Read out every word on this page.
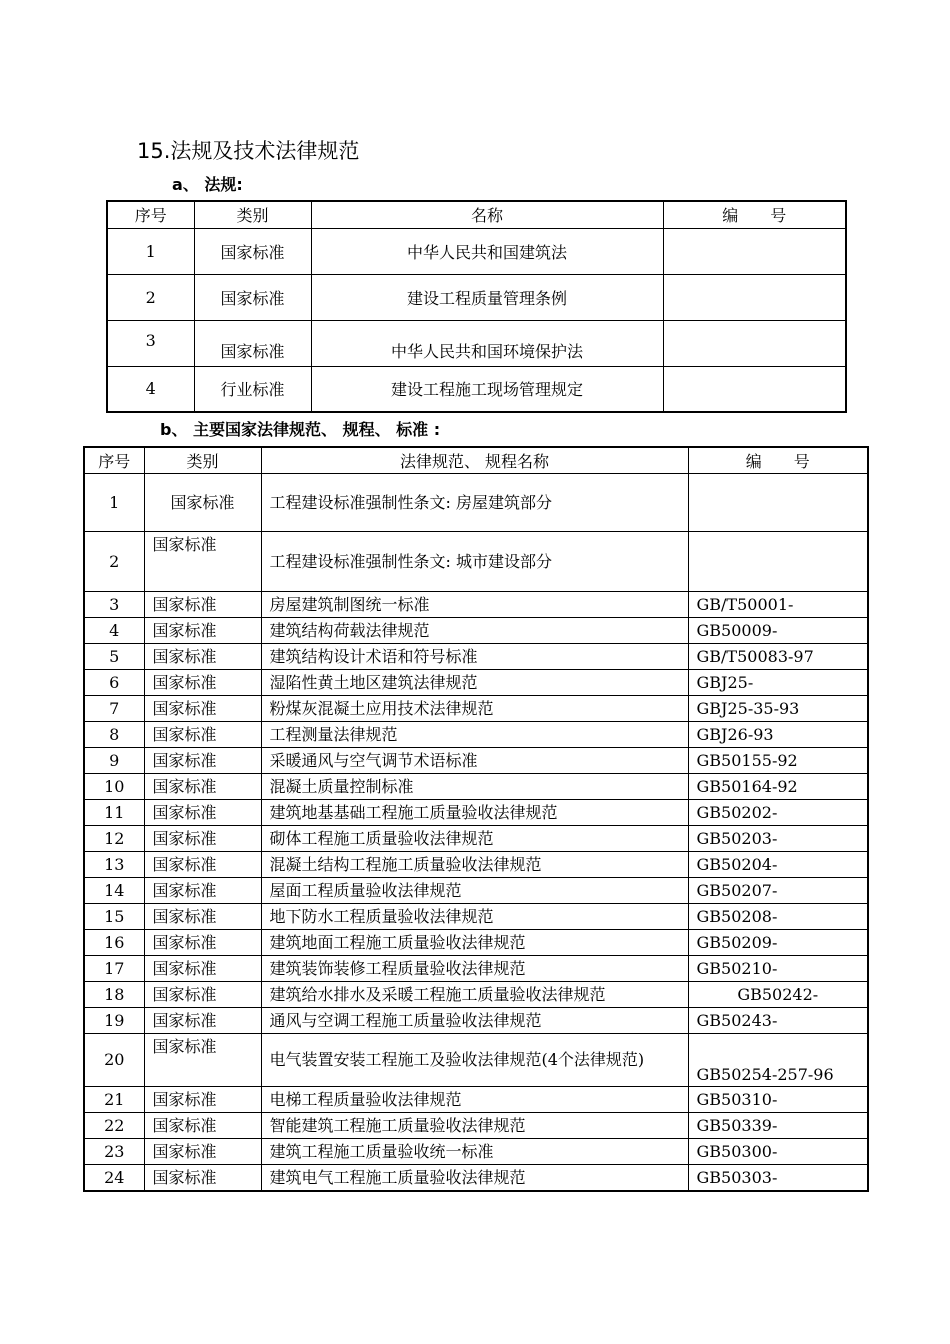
15.法规及技术法律规范
a、 法规:
序号	类别	名称	编　　号
1	国家标准	中华人民共和国建筑法	
2	国家标准	建设工程质量管理条例	
3	国家标准	中华人民共和国环境保护法	
4	行业标准	建设工程施工现场管理规定	
b、 主要国家法律规范、 规程、 标准 :
序号	类别	法律规范、 规程名称	编　　号
1	国家标准	工程建设标准强制性条文: 房屋建筑部分	
2	国家标准	工程建设标准强制性条文: 城市建设部分	
3	国家标准	房屋建筑制图统一标准	GB/T50001-
4	国家标准	建筑结构荷载法律规范	GB50009-
5	国家标准	建筑结构设计术语和符号标准	GB/T50083-97
6	国家标准	湿陷性黄土地区建筑法律规范	GBJ25-
7	国家标准	粉煤灰混凝土应用技术法律规范	GBJ25-35-93
8	国家标准	工程测量法律规范	GBJ26-93
9	国家标准	采暖通风与空气调节术语标准	GB50155-92
10	国家标准	混凝土质量控制标准	GB50164-92
11	国家标准	建筑地基基础工程施工质量验收法律规范	GB50202-
12	国家标准	砌体工程施工质量验收法律规范	GB50203-
13	国家标准	混凝土结构工程施工质量验收法律规范	GB50204-
14	国家标准	屋面工程质量验收法律规范	GB50207-
15	国家标准	地下防水工程质量验收法律规范	GB50208-
16	国家标准	建筑地面工程施工质量验收法律规范	GB50209-
17	国家标准	建筑装饰装修工程质量验收法律规范	GB50210-
18	国家标准	建筑给水排水及采暖工程施工质量验收法律规范	GB50242-
19	国家标准	通风与空调工程施工质量验收法律规范	GB50243-
20	国家标准	电气装置安装工程施工及验收法律规范(4个法律规范)	GB50254-257-96
21	国家标准	电梯工程质量验收法律规范	GB50310-
22	国家标准	智能建筑工程施工质量验收法律规范	GB50339-
23	国家标准	建筑工程施工质量验收统一标准	GB50300-
24	国家标准	建筑电气工程施工质量验收法律规范	GB50303-
